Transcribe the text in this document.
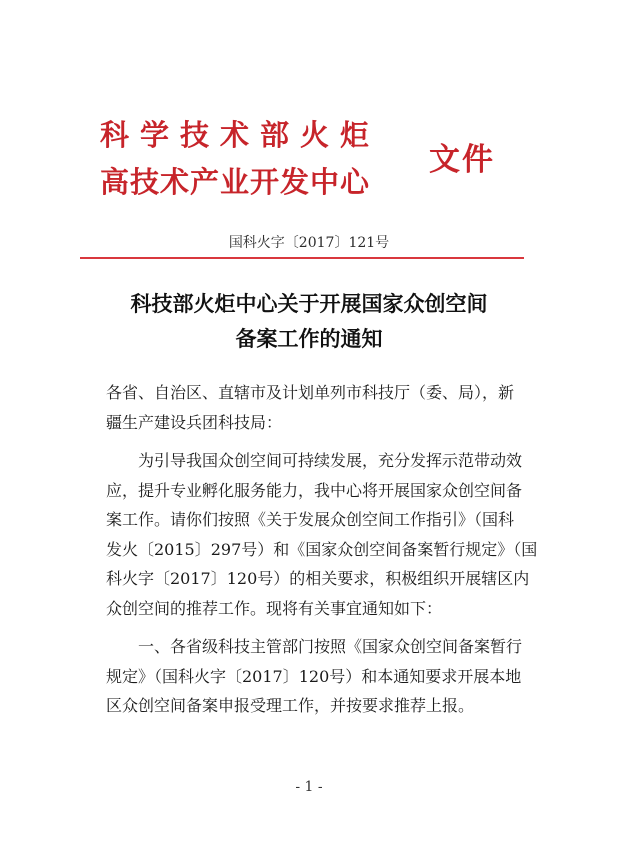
科学技术部火炬
高技术产业开发中心
文件
国科火字〔2017〕121号
科技部火炬中心关于开展国家众创空间
备案工作的通知
各省、自治区、直辖市及计划单列市科技厅（委、局），新
疆生产建设兵团科技局：
为引导我国众创空间可持续发展，充分发挥示范带动效
应，提升专业孵化服务能力，我中心将开展国家众创空间备
案工作。请你们按照《关于发展众创空间工作指引》（国科
发火〔2015〕297号）和《国家众创空间备案暂行规定》（国
科火字〔2017〕120号）的相关要求，积极组织开展辖区内
众创空间的推荐工作。现将有关事宜通知如下：
一、各省级科技主管部门按照《国家众创空间备案暂行
规定》（国科火字〔2017〕120号）和本通知要求开展本地
区众创空间备案申报受理工作，并按要求推荐上报。
- 1 -
